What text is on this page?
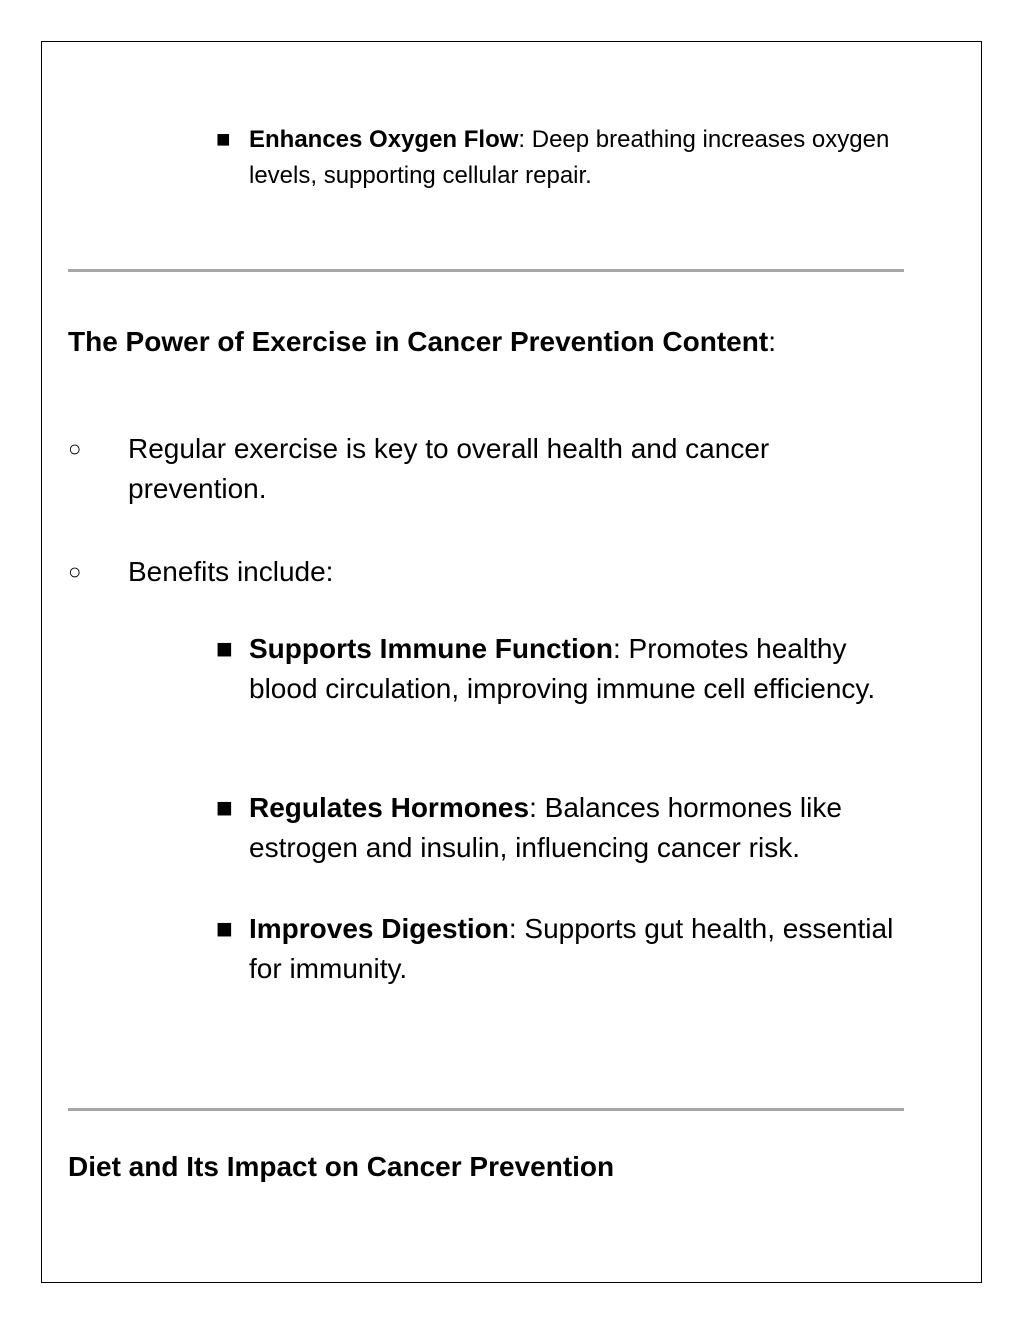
■ Enhances Oxygen Flow: Deep breathing increases oxygen levels, supporting cellular repair.
The Power of Exercise in Cancer Prevention Content:
○ Regular exercise is key to overall health and cancer prevention.
○ Benefits include:
■ Supports Immune Function: Promotes healthy blood circulation, improving immune cell efficiency.
■ Regulates Hormones: Balances hormones like estrogen and insulin, influencing cancer risk.
■ Improves Digestion: Supports gut health, essential for immunity.
Diet and Its Impact on Cancer Prevention
